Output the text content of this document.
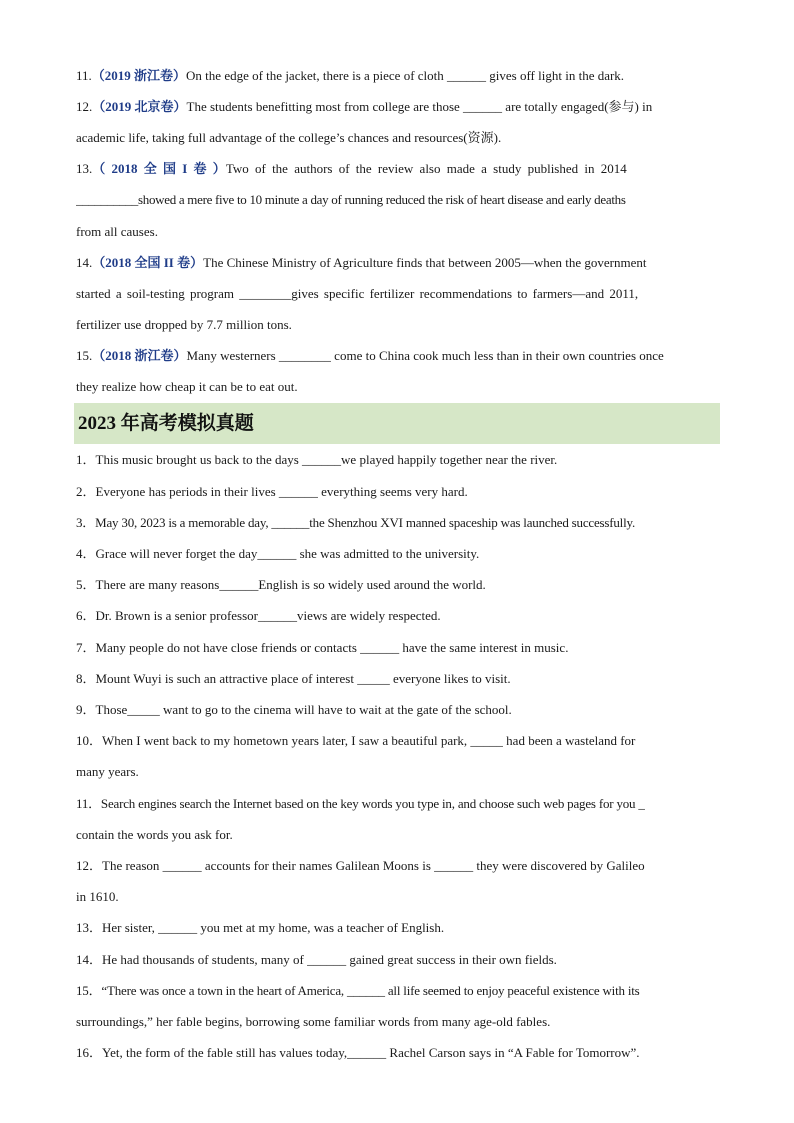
11.（2019 浙江卷）On the edge of the jacket, there is a piece of cloth ______ gives off light in the dark.
12.（2019 北京卷）The students benefitting most from college are those ______ are totally engaged(参与) in
academic life, taking full advantage of the college’s chances and resources(资源).
13.（ 2018 全 国 I 卷 ）Two of the authors of the review also made a study published in 2014
__________showed a mere five to 10 minute a day of running reduced the risk of heart disease and early deaths
from all causes.
14.（2018 全国 II 卷）The Chinese Ministry of Agriculture finds that between 2005—when the government
started a soil-testing program ________gives specific fertilizer recommendations to farmers—and 2011,
fertilizer use dropped by 7.7 million tons.
15.（2018 浙江卷）Many westerners ________ come to China cook much less than in their own countries once
they realize how cheap it can be to eat out.
2023 年高考模拟真题
1．This music brought us back to the days ______we played happily together near the river.
2．Everyone has periods in their lives ______ everything seems very hard.
3．May 30, 2023 is a memorable day, ______the Shenzhou XVI manned spaceship was launched successfully.
4．Grace will never forget the day______ she was admitted to the university.
5．There are many reasons______English is so widely used around the world.
6．Dr. Brown is a senior professor______views are widely respected.
7．Many people do not have close friends or contacts ______ have the same interest in music.
8．Mount Wuyi is such an attractive place of interest _____ everyone likes to visit.
9．Those_____ want to go to the cinema will have to wait at the gate of the school.
10．When I went back to my hometown years later, I saw a beautiful park, _____ had been a wasteland for
many years.
11．Search engines search the Internet based on the key words you type in, and choose such web pages for you _
contain the words you ask for.
12．The reason ______ accounts for their names Galilean Moons is ______ they were discovered by Galileo
in 1610.
13．Her sister, ______ you met at my home, was a teacher of English.
14．He had thousands of students, many of ______ gained great success in their own fields.
15．“There was once a town in the heart of America, ______ all life seemed to enjoy peaceful existence with its
surroundings,” her fable begins, borrowing some familiar words from many age-old fables.
16．Yet, the form of the fable still has values today,______ Rachel Carson says in “A Fable for Tomorrow”.
